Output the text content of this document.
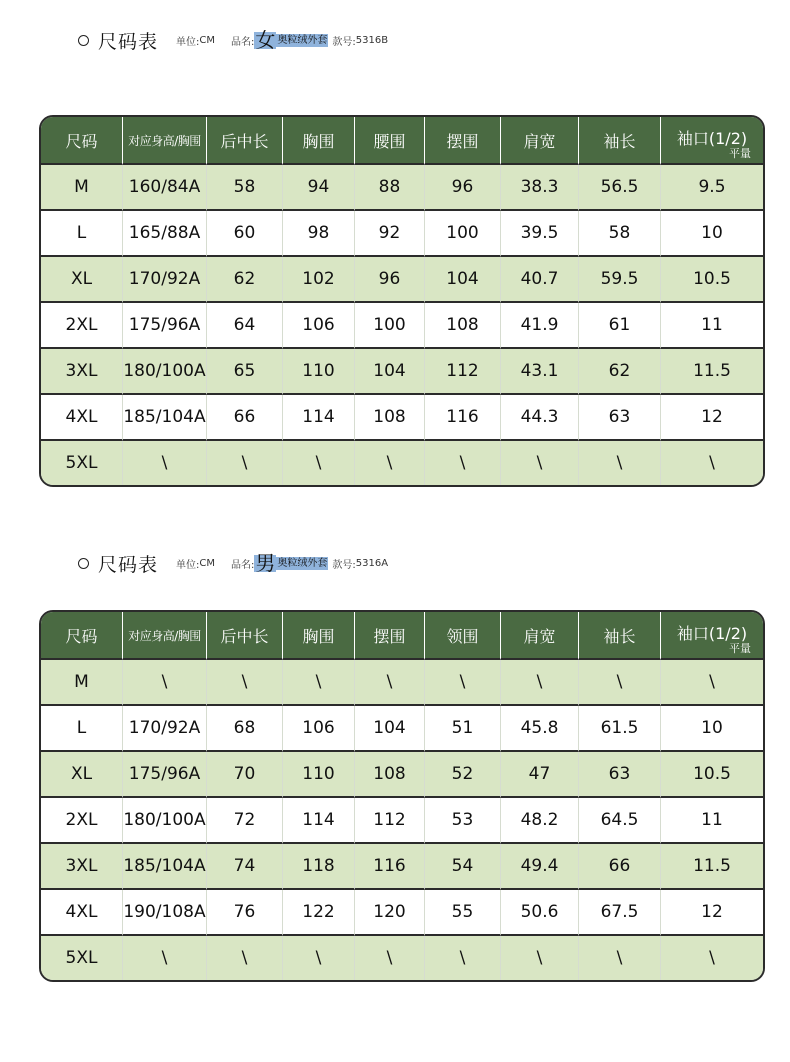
尺码表 单位: CM 品名: 女 奥粒绒外套 款号: 5316B
尺码	对应身高/胸围	后中长	胸围	腰围	摆围	肩宽	袖长	袖口(1/2)
平量

M	160/84A	58	94	88	96	38.3	56.5	9.5
L	165/88A	60	98	92	100	39.5	58	10
XL	170/92A	62	102	96	104	40.7	59.5	10.5
2XL	175/96A	64	106	100	108	41.9	61	11
3XL	180/100A	65	110	104	112	43.1	62	11.5
4XL	185/104A	66	114	108	116	44.3	63	12
5XL	\	\	\	\	\	\	\	\
尺码表 单位: CM 品名: 男 奥粒绒外套 款号: 5316A
尺码	对应身高/胸围	后中长	胸围	摆围	领围	肩宽	袖长	袖口(1/2)
平量

M	\	\	\	\	\	\	\	\
L	170/92A	68	106	104	51	45.8	61.5	10
XL	175/96A	70	110	108	52	47	63	10.5
2XL	180/100A	72	114	112	53	48.2	64.5	11
3XL	185/104A	74	118	116	54	49.4	66	11.5
4XL	190/108A	76	122	120	55	50.6	67.5	12
5XL	\	\	\	\	\	\	\	\
